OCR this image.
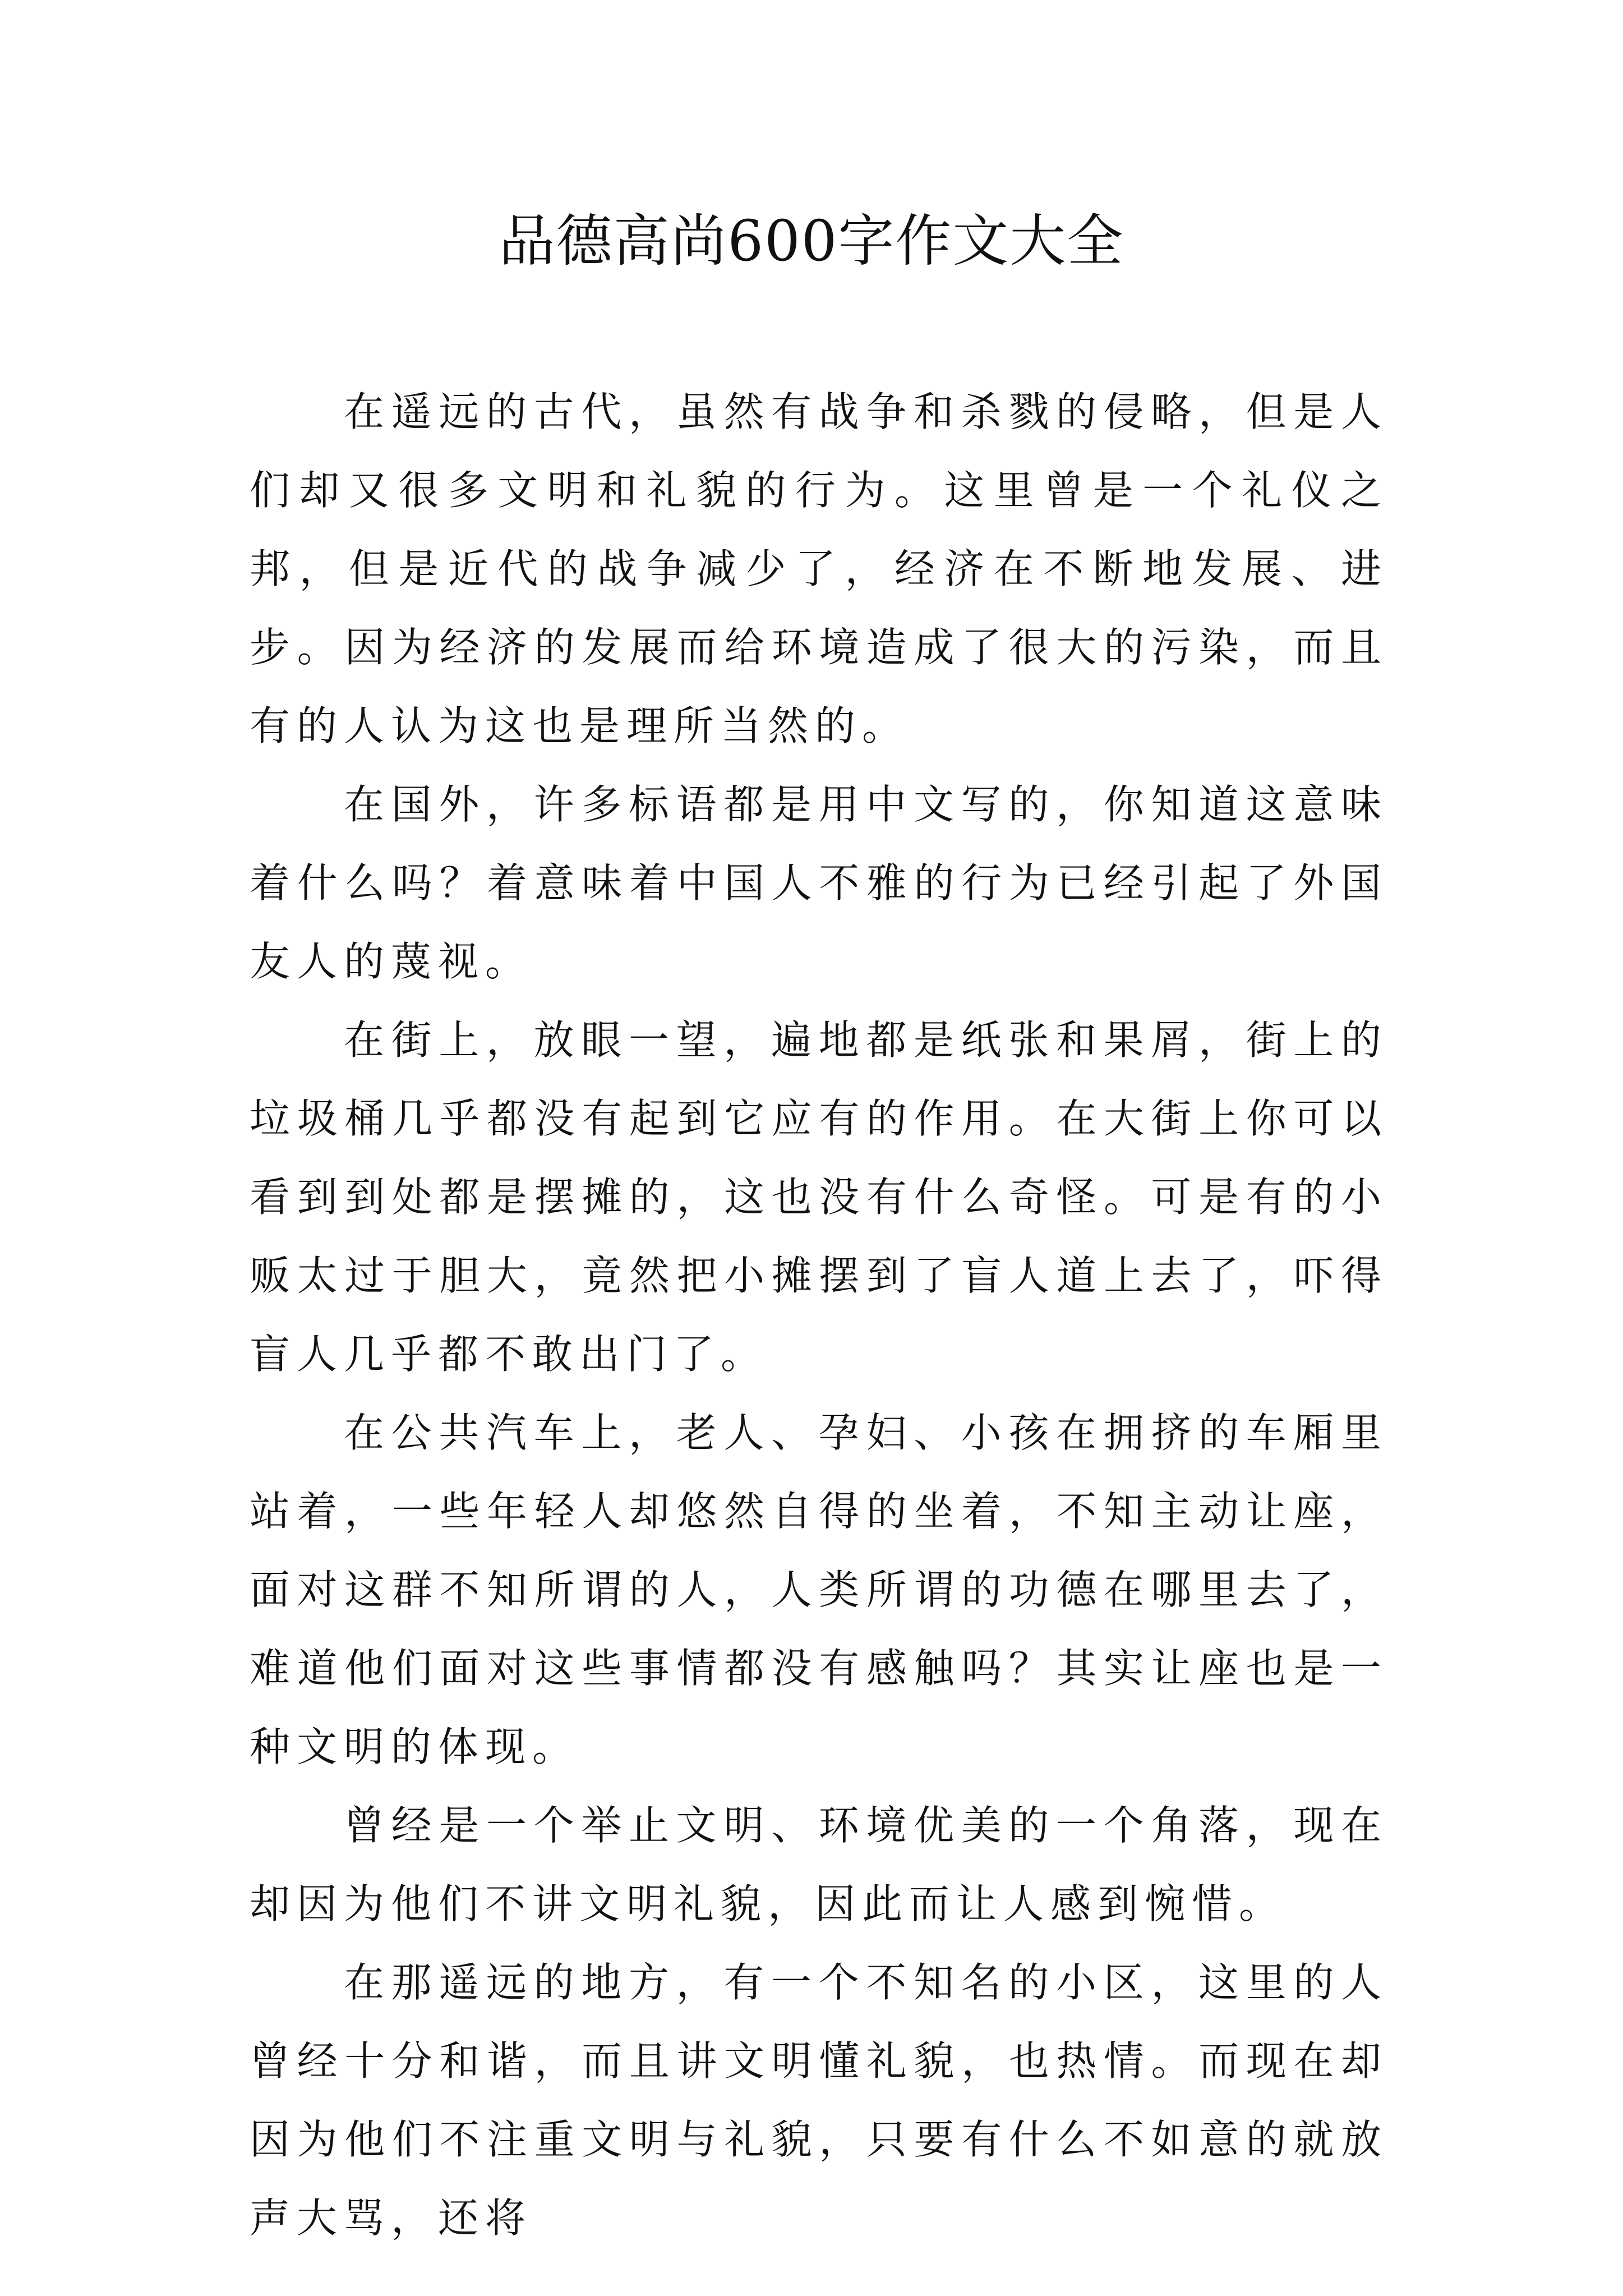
品德高尚600字作文大全

在遥远的古代，虽然有战争和杀戮的侵略，但是人们却又很多文明和礼貌的行为。这里曾是一个礼仪之邦，但是近代的战争减少了，经济在不断地发展、进步。因为经济的发展而给环境造成了很大的污染，而且有的人认为这也是理所当然的。

在国外，许多标语都是用中文写的，你知道这意味着什么吗？着意味着中国人不雅的行为已经引起了外国友人的蔑视。

在街上，放眼一望，遍地都是纸张和果屑，街上的垃圾桶几乎都没有起到它应有的作用。在大街上你可以看到到处都是摆摊的，这也没有什么奇怪。可是有的小贩太过于胆大，竟然把小摊摆到了盲人道上去了，吓得盲人几乎都不敢出门了。

在公共汽车上，老人、孕妇、小孩在拥挤的车厢里站着，一些年轻人却悠然自得的坐着，不知主动让座，面对这群不知所谓的人，人类所谓的功德在哪里去了，难道他们面对这些事情都没有感触吗？其实让座也是一种文明的体现。

曾经是一个举止文明、环境优美的一个角落，现在却因为他们不讲文明礼貌，因此而让人感到惋惜。

在那遥远的地方，有一个不知名的小区，这里的人曾经十分和谐，而且讲文明懂礼貌，也热情。而现在却因为他们不注重文明与礼貌，只要有什么不如意的就放声大骂，还将
